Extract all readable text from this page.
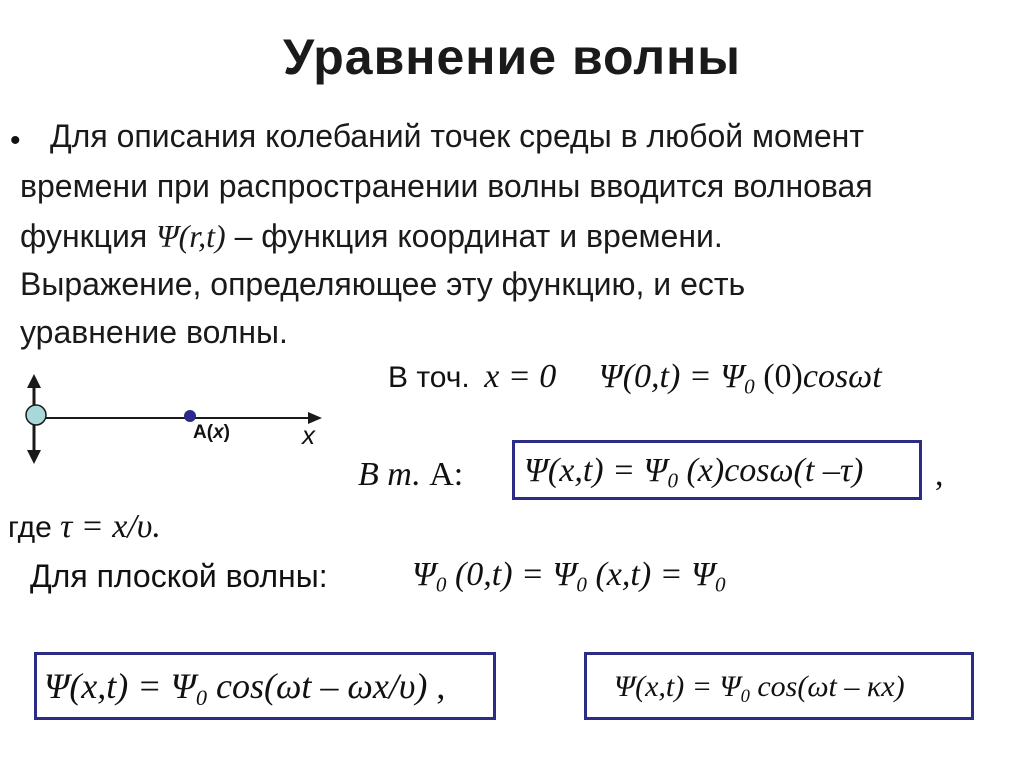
Уравнение волны
• Для описания колебаний точек среды в любой момент
времени при распространении волны вводится волновая
функция Ψ(r,t) – функция координат и времени.
Выражение, определяющее эту функцию, и есть
уравнение волны.
A(x)	x
В точ. x = 0 $\Psi(0,t) = \Psi_0$ (0)cosωt
В т. А: $\Psi(x,t) = \Psi_0$ (x)cosω(t –τ) ,
где τ = x/υ.
Для плоской волны: $\Psi_0$ $(0,t) = \Psi_0$ $(x,t) = \Psi_0$
$\Psi(x,t) = \Psi_0$ cos(ωt – ωx/υ) ,	$\Psi(x,t) = \Psi_0$ cos(ωt – κx)
